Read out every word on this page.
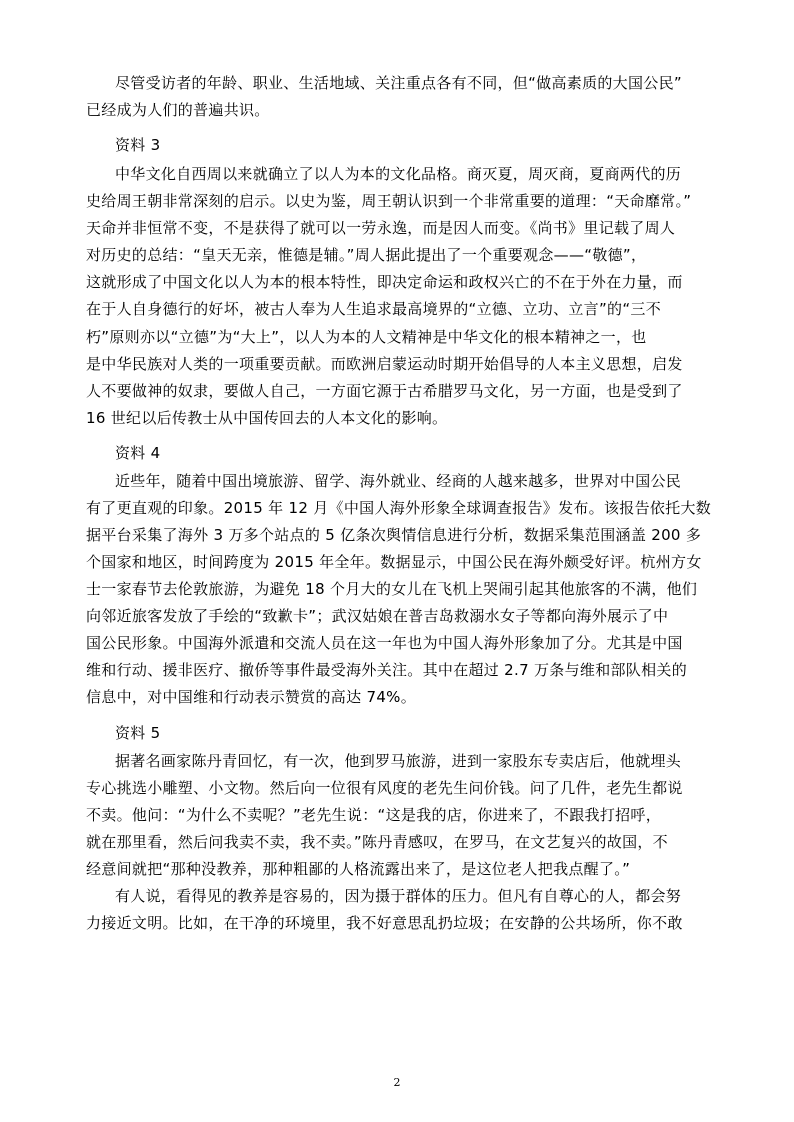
尽管受访者的年龄、职业、生活地域、关注重点各有不同，但“做高素质的大国公民”
已经成为人们的普遍共识。
资料 3
中华文化自西周以来就确立了以人为本的文化品格。商灭夏，周灭商，夏商两代的历
史给周王朝非常深刻的启示。以史为鉴，周王朝认识到一个非常重要的道理：“天命靡常。”
天命并非恒常不变，不是获得了就可以一劳永逸，而是因人而变。《尚书》里记载了周人
对历史的总结：“皇天无亲，惟德是辅。”周人据此提出了一个重要观念——“敬德”，
这就形成了中国文化以人为本的根本特性，即决定命运和政权兴亡的不在于外在力量，而
在于人自身德行的好坏，被古人奉为人生追求最高境界的“立德、立功、立言”的“三不
朽”原则亦以“立德”为“大上”，以人为本的人文精神是中华文化的根本精神之一，也
是中华民族对人类的一项重要贡献。而欧洲启蒙运动时期开始倡导的人本主义思想，启发
人不要做神的奴隶，要做人自己，一方面它源于古希腊罗马文化，另一方面，也是受到了
16 世纪以后传教士从中国传回去的人本文化的影响。
资料 4
近些年，随着中国出境旅游、留学、海外就业、经商的人越来越多，世界对中国公民
有了更直观的印象。2015 年 12 月《中国人海外形象全球调查报告》发布。该报告依托大数
据平台采集了海外 3 万多个站点的 5 亿条次舆情信息进行分析，数据采集范围涵盖 200 多
个国家和地区，时间跨度为 2015 年全年。数据显示，中国公民在海外颇受好评。杭州方女
士一家春节去伦敦旅游，为避免 18 个月大的女儿在飞机上哭闹引起其他旅客的不满，他们
向邻近旅客发放了手绘的“致歉卡”；武汉姑娘在普吉岛救溺水女子等都向海外展示了中
国公民形象。中国海外派遣和交流人员在这一年也为中国人海外形象加了分。尤其是中国
维和行动、援非医疗、撤侨等事件最受海外关注。其中在超过 2.7 万条与维和部队相关的
信息中，对中国维和行动表示赞赏的高达 74%。
资料 5
据著名画家陈丹青回忆，有一次，他到罗马旅游，进到一家股东专卖店后，他就埋头
专心挑选小雕塑、小文物。然后向一位很有风度的老先生问价钱。问了几件，老先生都说
不卖。他问：“为什么不卖呢？”老先生说：“这是我的店，你进来了，不跟我打招呼，
就在那里看，然后问我卖不卖，我不卖。”陈丹青感叹，在罗马，在文艺复兴的故国，不
经意间就把“那种没教养，那种粗鄙的人格流露出来了，是这位老人把我点醒了。”
有人说，看得见的教养是容易的，因为摄于群体的压力。但凡有自尊心的人，都会努
力接近文明。比如，在干净的环境里，我不好意思乱扔垃圾；在安静的公共场所，你不敢
2
